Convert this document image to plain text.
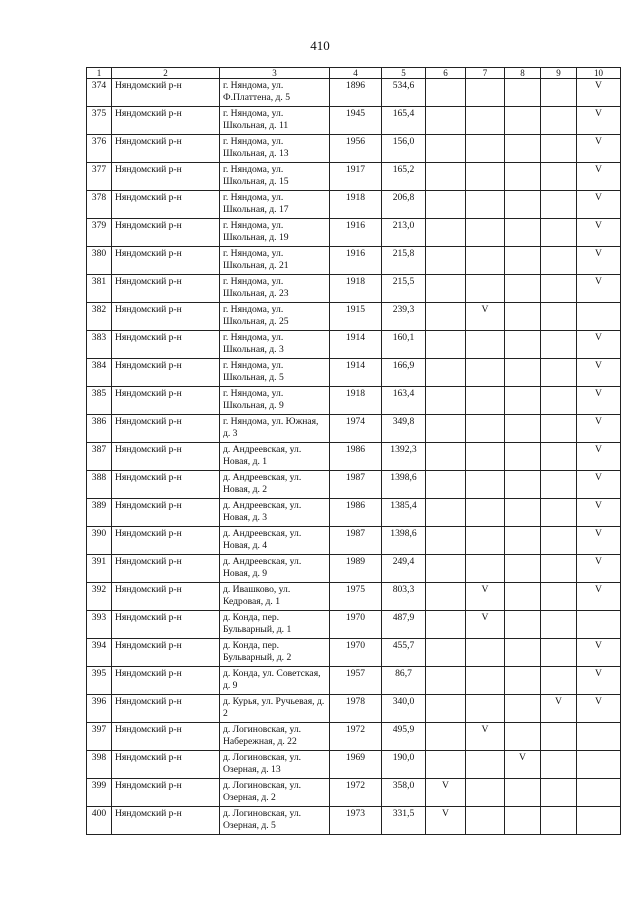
410
1	2	3	4	5	6	7	8	9	10
374	Няндомский р-н	г. Няндома, ул. Ф.Платтена, д. 5	1896	534,6					V
375	Няндомский р-н	г. Няндома, ул. Школьная, д. 11	1945	165,4					V
376	Няндомский р-н	г. Няндома, ул. Школьная, д. 13	1956	156,0					V
377	Няндомский р-н	г. Няндома, ул. Школьная, д. 15	1917	165,2					V
378	Няндомский р-н	г. Няндома, ул. Школьная, д. 17	1918	206,8					V
379	Няндомский р-н	г. Няндома, ул. Школьная, д. 19	1916	213,0					V
380	Няндомский р-н	г. Няндома, ул. Школьная, д. 21	1916	215,8					V
381	Няндомский р-н	г. Няндома, ул. Школьная, д. 23	1918	215,5					V
382	Няндомский р-н	г. Няндома, ул. Школьная, д. 25	1915	239,3		V			
383	Няндомский р-н	г. Няндома, ул. Школьная, д. 3	1914	160,1					V
384	Няндомский р-н	г. Няндома, ул. Школьная, д. 5	1914	166,9					V
385	Няндомский р-н	г. Няндома, ул. Школьная, д. 9	1918	163,4					V
386	Няндомский р-н	г. Няндома, ул. Южная, д. 3	1974	349,8					V
387	Няндомский р-н	д. Андреевская, ул. Новая, д. 1	1986	1392,3					V
388	Няндомский р-н	д. Андреевская, ул. Новая, д. 2	1987	1398,6					V
389	Няндомский р-н	д. Андреевская, ул. Новая, д. 3	1986	1385,4					V
390	Няндомский р-н	д. Андреевская, ул. Новая, д. 4	1987	1398,6					V
391	Няндомский р-н	д. Андреевская, ул. Новая, д. 9	1989	249,4					V
392	Няндомский р-н	д. Ивашково, ул. Кедровая, д. 1	1975	803,3		V			V
393	Няндомский р-н	д. Конда, пер. Бульварный, д. 1	1970	487,9		V			
394	Няндомский р-н	д. Конда, пер. Бульварный, д. 2	1970	455,7					V
395	Няндомский р-н	д. Конда, ул. Советская, д. 9	1957	86,7					V
396	Няндомский р-н	д. Курья, ул. Ручьевая, д. 2	1978	340,0				V	V
397	Няндомский р-н	д. Логиновская, ул. Набережная, д. 22	1972	495,9		V			
398	Няндомский р-н	д. Логиновская, ул. Озерная, д. 13	1969	190,0			V		
399	Няндомский р-н	д. Логиновская, ул. Озерная, д. 2	1972	358,0	V				
400	Няндомский р-н	д. Логиновская, ул. Озерная, д. 5	1973	331,5	V				
